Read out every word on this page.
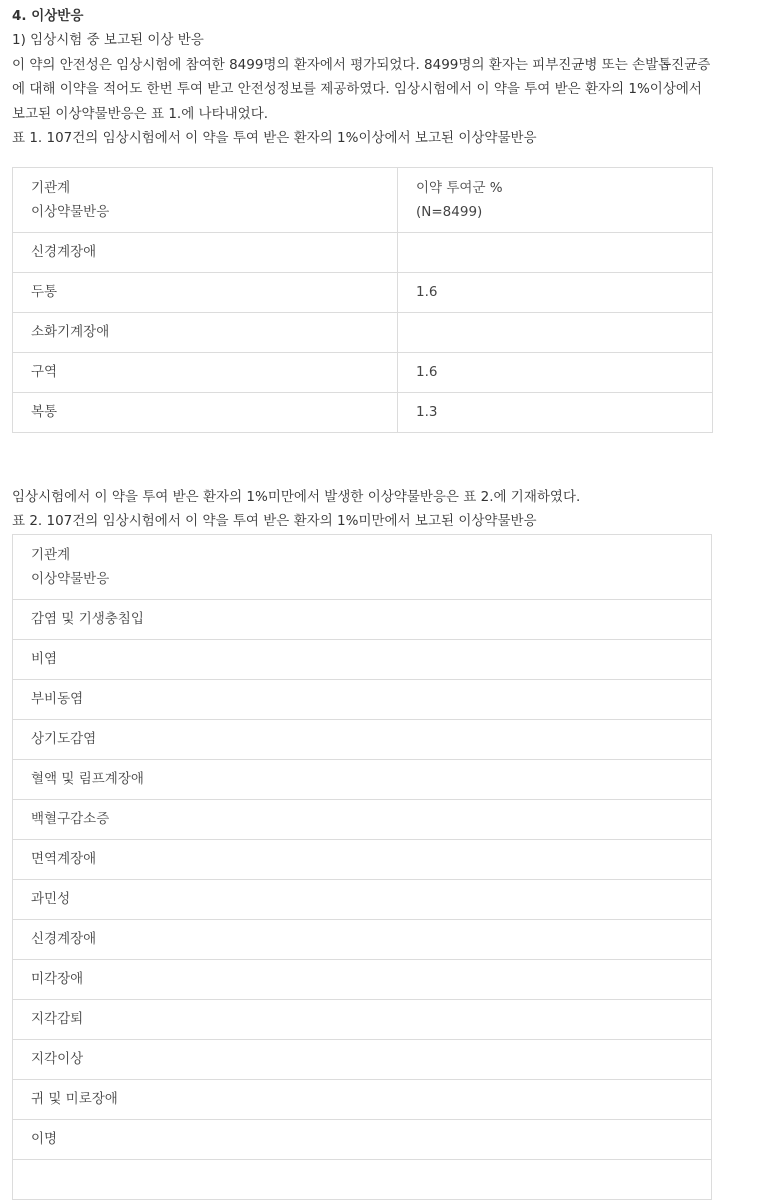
4. 이상반응

1) 임상시험 중 보고된 이상 반응

이 약의 안전성은 임상시험에 참여한 8499명의 환자에서 평가되었다. 8499명의 환자는 피부진균병 또는 손발톱진균증

에 대해 이약을 적어도 한번 투여 받고 안전성정보를 제공하였다. 임상시험에서 이 약을 투여 받은 환자의 1%이상에서

보고된 이상약물반응은 표 1.에 나타내었다.

표 1. 107건의 임상시험에서 이 약을 투여 받은 환자의 1%이상에서 보고된 이상약물반응

기관계
이상약물반응	이약 투여군 %
(N=8499)

신경계장애	
두통	1.6
소화기계장애	
구역	1.6
복통	1.3

임상시험에서 이 약을 투여 받은 환자의 1%미만에서 발생한 이상약물반응은 표 2.에 기재하였다.

표 2. 107건의 임상시험에서 이 약을 투여 받은 환자의 1%미만에서 보고된 이상약물반응

기관계
이상약물반응

감염 및 기생충침입
비염
부비동염
상기도감염
혈액 및 림프계장애
백혈구감소증
면역계장애
과민성
신경계장애
미각장애
지각감퇴
지각이상
귀 및 미로장애
이명
